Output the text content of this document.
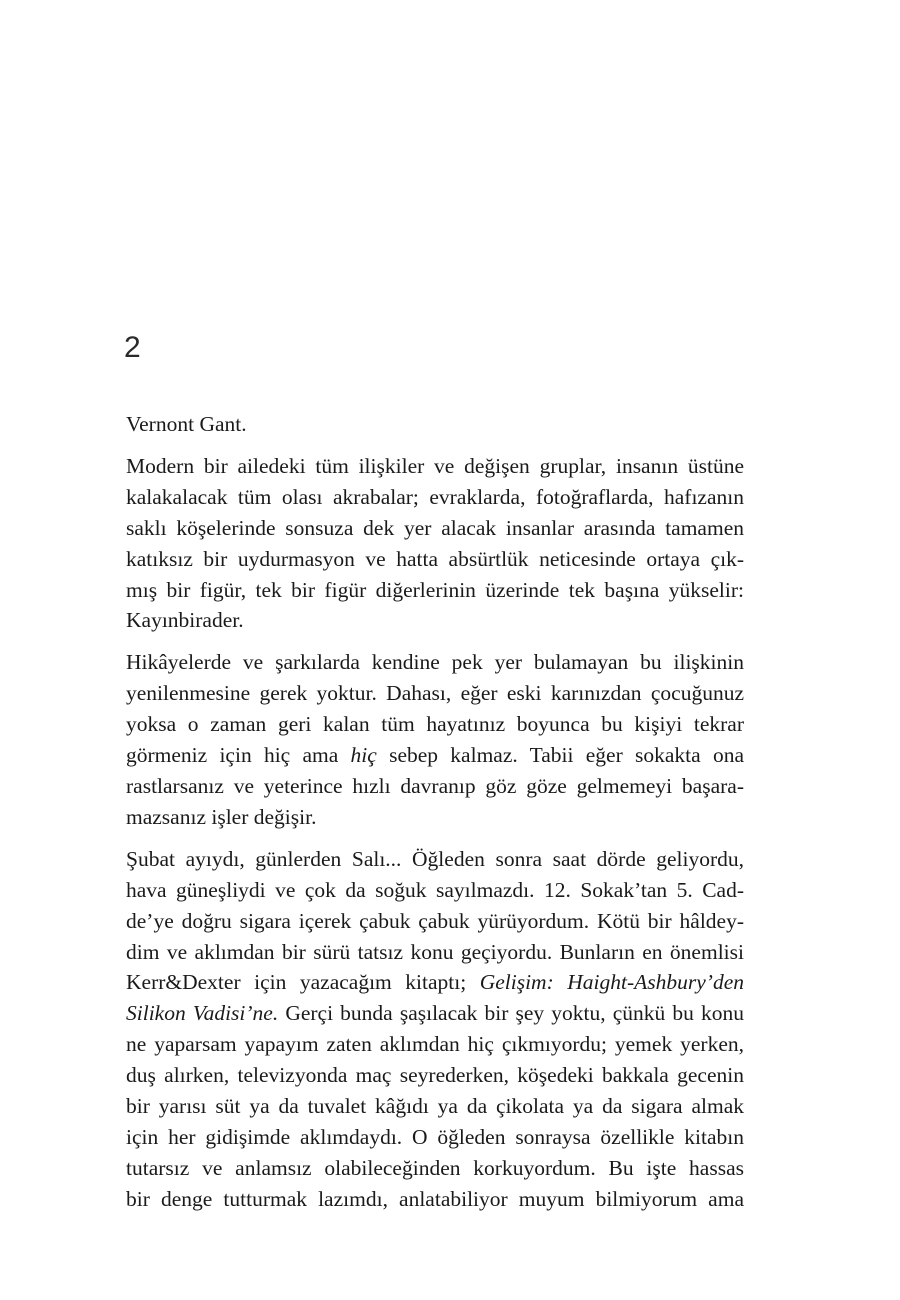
2

Vernont Gant.

Modern bir ailedeki tüm ilişkiler ve değişen gruplar, insanın üstüne
kalakalacak tüm olası akrabalar; evraklarda, fotoğraflarda, hafızanın
saklı köşelerinde sonsuza dek yer alacak insanlar arasında tamamen
katıksız bir uydurmasyon ve hatta absürtlük neticesinde ortaya çık-
mış bir figür, tek bir figür diğerlerinin üzerinde tek başına yükselir:
Kayınbirader.

Hikâyelerde ve şarkılarda kendine pek yer bulamayan bu ilişkinin
yenilenmesine gerek yoktur. Dahası, eğer eski karınızdan çocuğunuz
yoksa o zaman geri kalan tüm hayatınız boyunca bu kişiyi tekrar
görmeniz için hiç ama hiç sebep kalmaz. Tabii eğer sokakta ona
rastlarsanız ve yeterince hızlı davranıp göz göze gelmemeyi başara-
mazsanız işler değişir.

Şubat ayıydı, günlerden Salı... Öğleden sonra saat dörde geliyordu,
hava güneşliydi ve çok da soğuk sayılmazdı. 12. Sokak’tan 5. Cad-
de’ye doğru sigara içerek çabuk çabuk yürüyordum. Kötü bir hâldey-
dim ve aklımdan bir sürü tatsız konu geçiyordu. Bunların en önemlisi
Kerr&Dexter için yazacağım kitaptı; Gelişim: Haight-Ashbury’den
Silikon Vadisi’ne. Gerçi bunda şaşılacak bir şey yoktu, çünkü bu konu
ne yaparsam yapayım zaten aklımdan hiç çıkmıyordu; yemek yerken,
duş alırken, televizyonda maç seyrederken, köşedeki bakkala gecenin
bir yarısı süt ya da tuvalet kâğıdı ya da çikolata ya da sigara almak
için her gidişimde aklımdaydı. O öğleden sonraysa özellikle kitabın
tutarsız ve anlamsız olabileceğinden korkuyordum. Bu işte hassas
bir denge tutturmak lazımdı, anlatabiliyor muyum bilmiyorum ama
